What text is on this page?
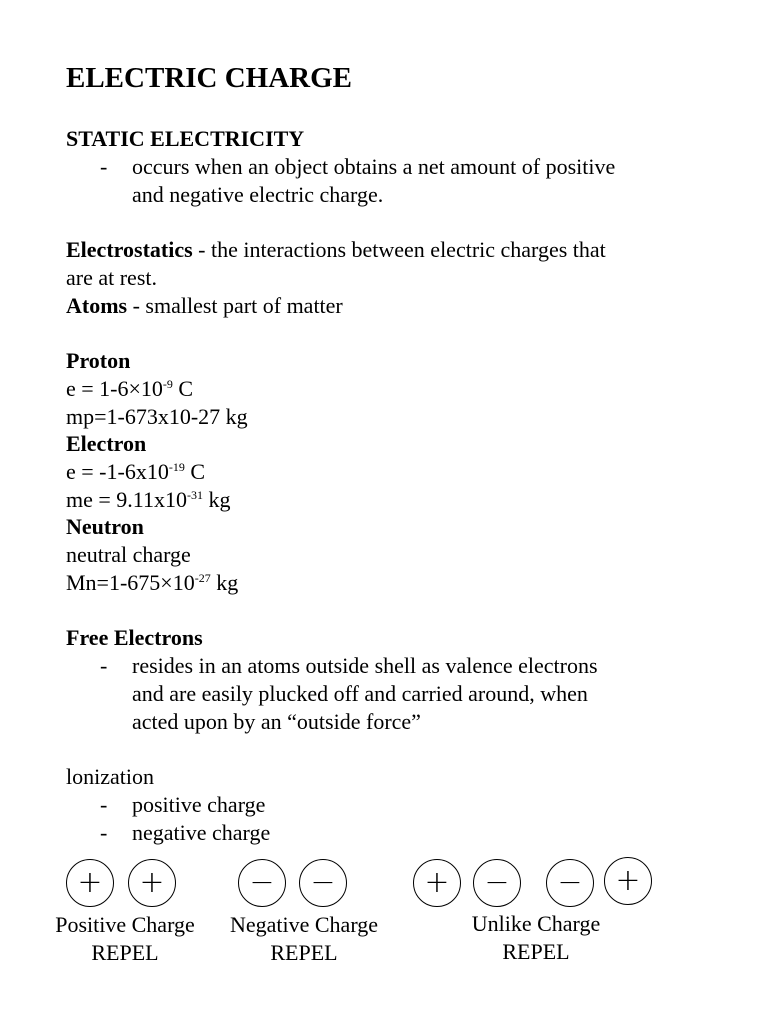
ELECTRIC CHARGE
STATIC ELECTRICITY
- occurs when an object obtains a net amount of positive
and negative electric charge.
Electrostatics - the interactions between electric charges that
are at rest.
Atoms - smallest part of matter
Proton
$e = 1-6\times 10^{-9}$ C
mp=1-673x10-27 kg
Electron
$e = -1-6x10^{-19}$ C
me = $9.11x10^{-31}$ kg
Neutron
neutral charge
$Mn=1-675\times 10^{-27}$ kg
Free Electrons
- resides in an atoms outside shell as valence electrons
and are easily plucked off and carried around, when
acted upon by an “outside force”
lonization
- positive charge
- negative charge
+	+
Positive Charge
REPEL
−	−
Negative Charge
REPEL
+	−	−	+
Unlike Charge
REPEL
